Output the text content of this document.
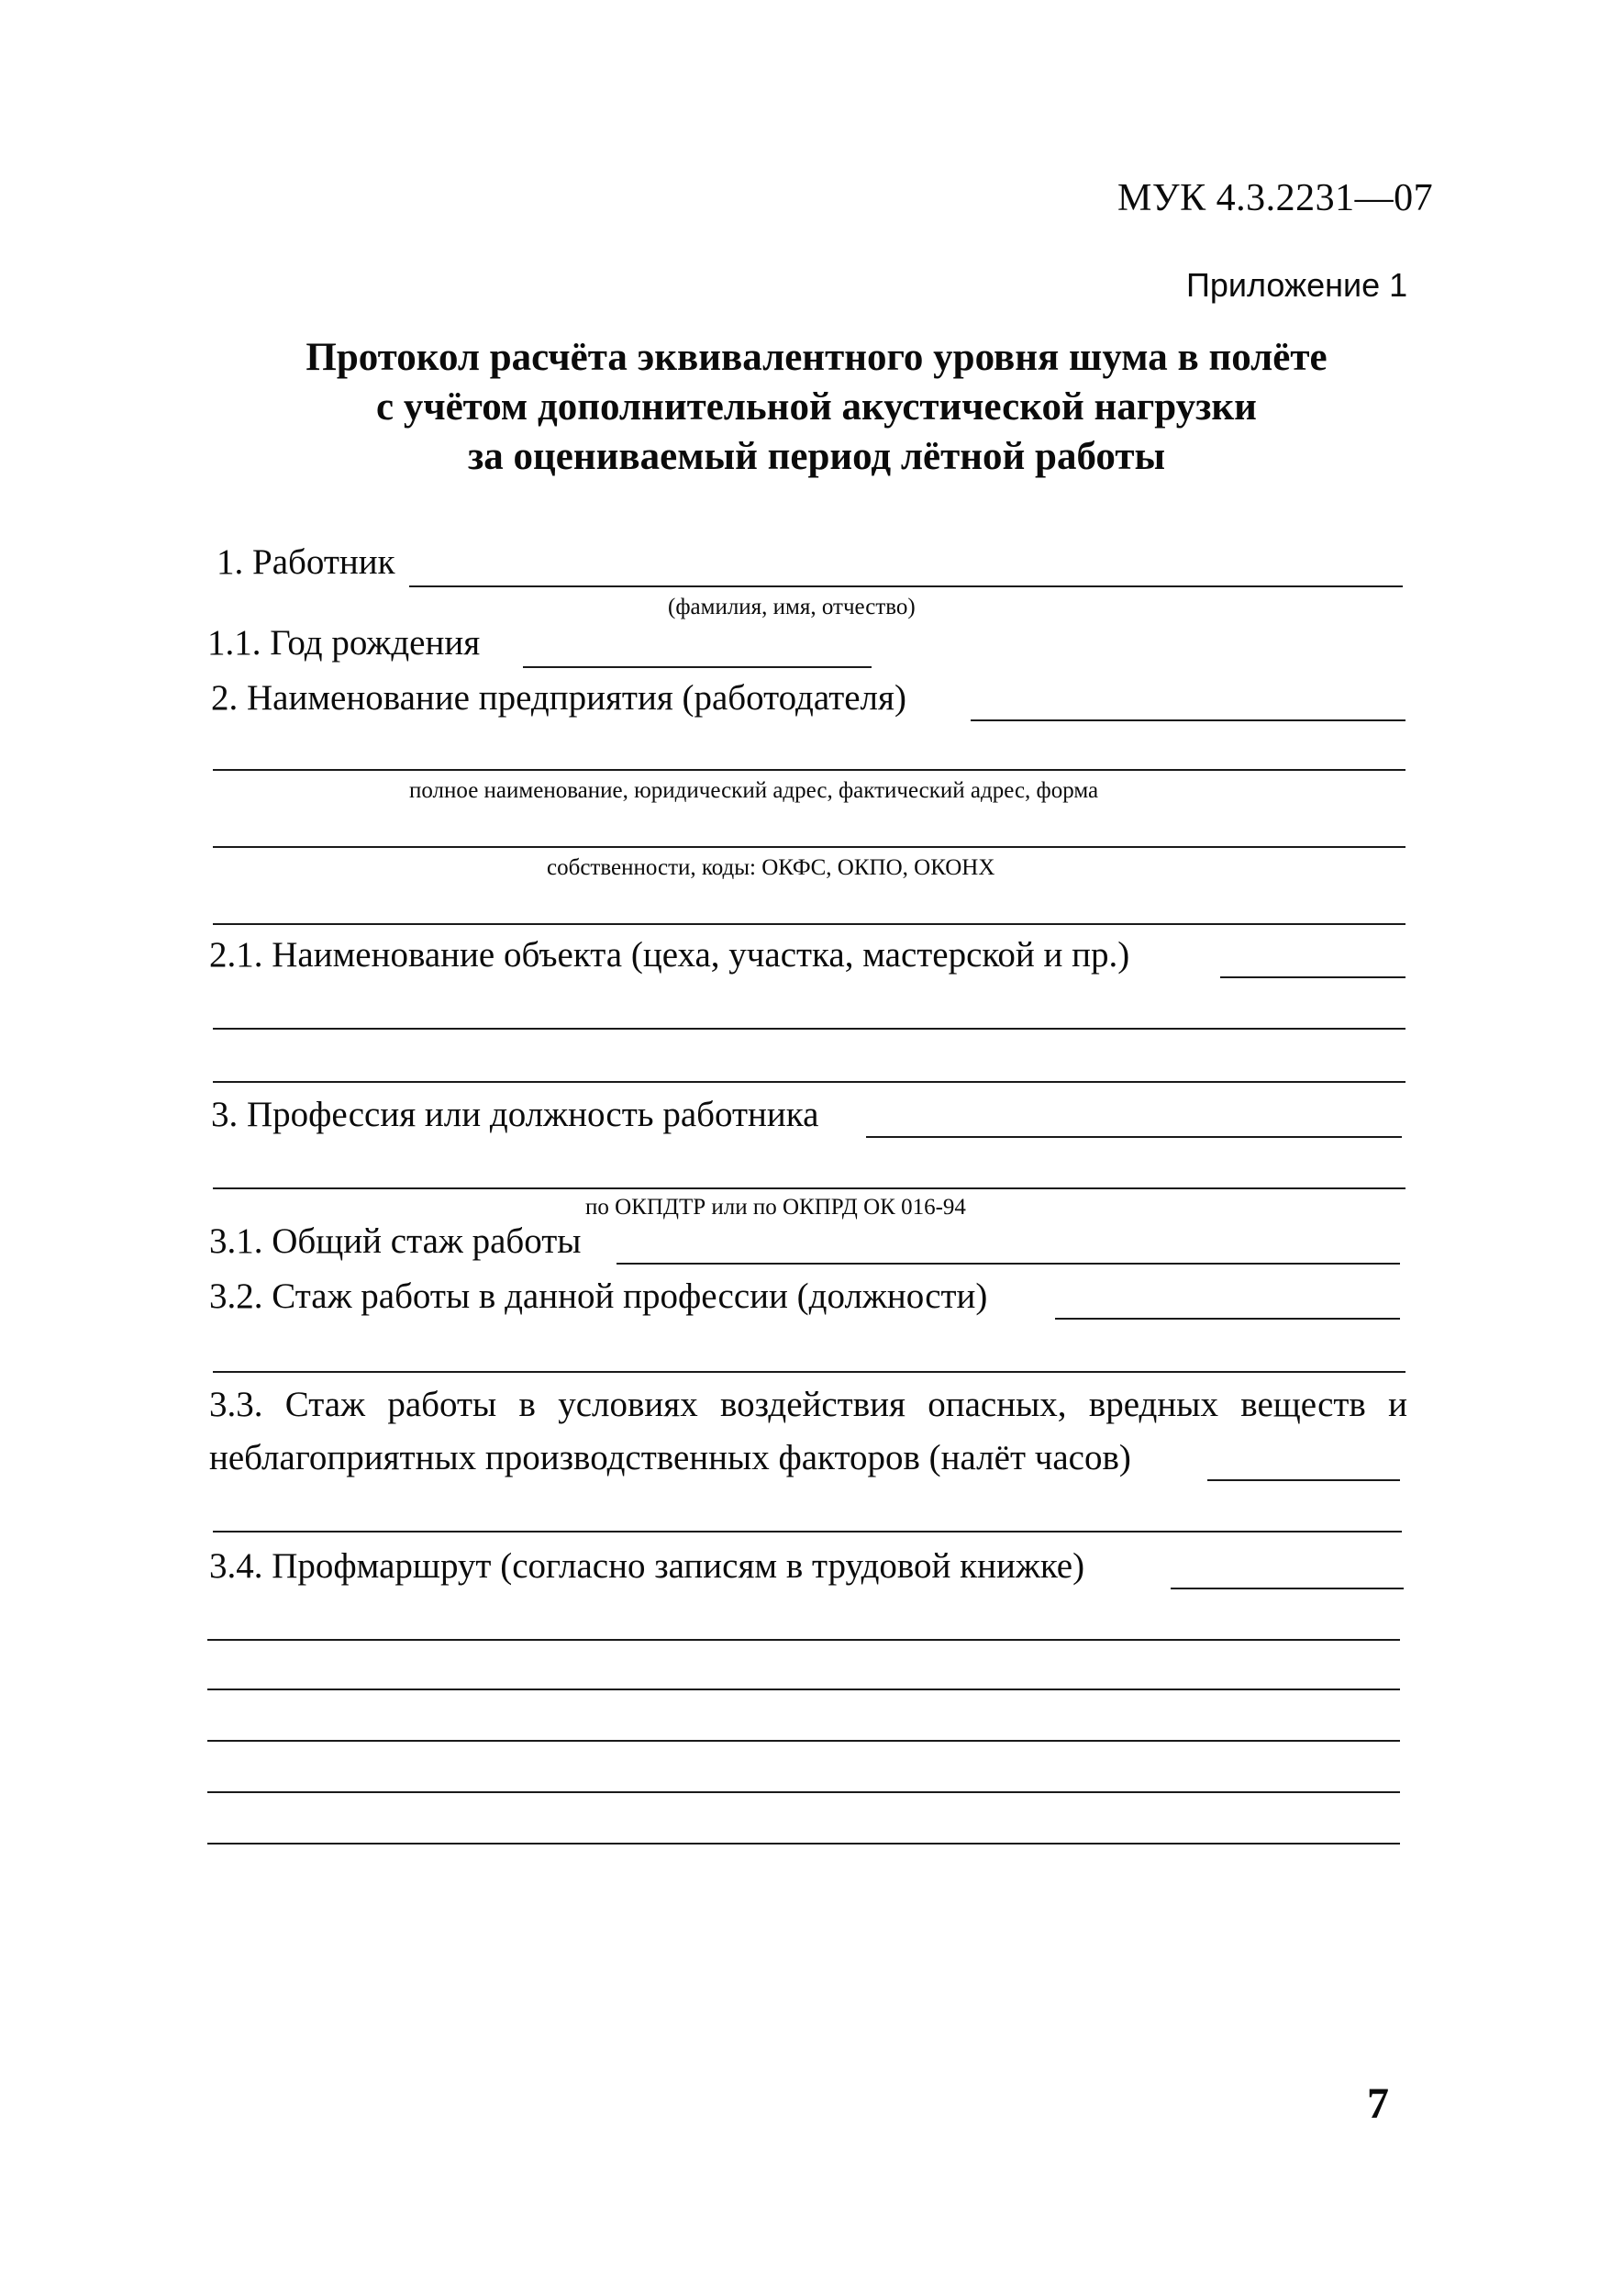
МУК 4.3.2231—07
Приложение 1
Протокол расчёта эквивалентного уровня шума в полёте
с учётом дополнительной акустической нагрузки
за оцениваемый период лётной работы
1. Работник
(фамилия, имя, отчество)
1.1. Год рождения
2. Наименование предприятия (работодателя)
полное наименование, юридический адрес, фактический адрес, форма
собственности, коды: ОКФС, ОКПО, ОКОНХ
2.1. Наименование объекта (цеха, участка, мастерской и пр.)
3. Профессия или должность работника
по ОКПДТР или по ОКПРД ОК 016-94
3.1. Общий стаж работы
3.2. Стаж работы в данной профессии (должности)
3.3. Стаж работы в условиях воздействия опасных, вредных веществ и
неблагоприятных производственных факторов (налёт часов)
3.4. Профмаршрут (согласно записям в трудовой книжке)
7
